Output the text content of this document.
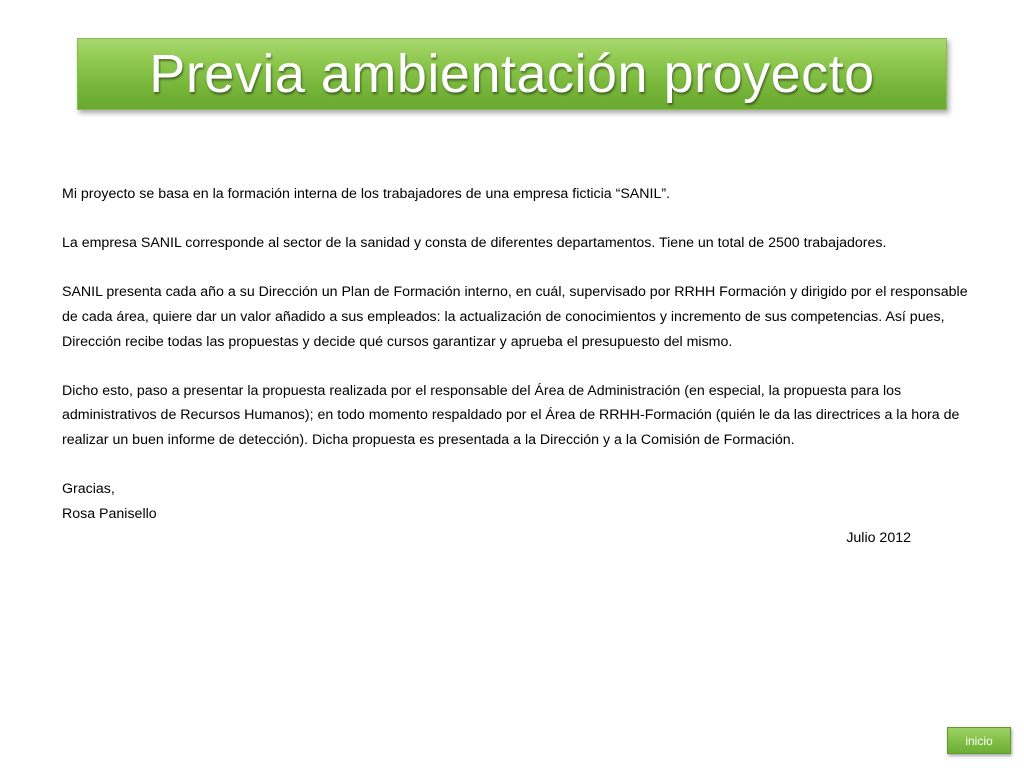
Previa ambientación proyecto

Mi proyecto se basa en la formación interna de los trabajadores de una empresa ficticia “SANIL”.

La empresa SANIL corresponde al sector de la sanidad y consta de diferentes departamentos. Tiene un total de 2500 trabajadores.

SANIL presenta cada año a su Dirección un Plan de Formación interno, en cuál, supervisado por RRHH Formación y dirigido por el responsable de cada área, quiere dar un valor añadido a sus empleados: la actualización de conocimientos y incremento de sus competencias. Así pues, Dirección recibe todas las propuestas y decide qué cursos garantizar y aprueba el presupuesto del mismo.

Dicho esto, paso a presentar la propuesta realizada por el responsable del Área de Administración (en especial, la propuesta para los administrativos de Recursos Humanos); en todo momento respaldado por el Área de RRHH-Formación (quién le da las directrices a la hora de realizar un buen informe de detección). Dicha propuesta es presentada a la Dirección y a la Comisión de Formación.

Gracias,

Rosa Panisello

Julio 2012

inicio
